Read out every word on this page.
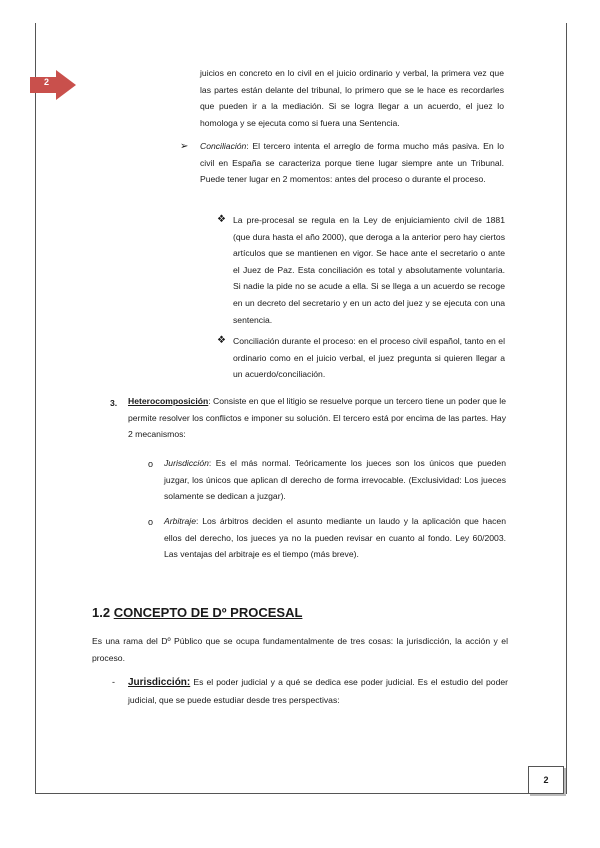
2

juicios en concreto en lo civil en el juicio ordinario y verbal, la primera vez que las partes están delante del tribunal, lo primero que se le hace es recordarles que pueden ir a la mediación. Si se logra llegar a un acuerdo, el juez lo homologa y se ejecuta como si fuera una Sentencia.

➢ Conciliación: El tercero intenta el arreglo de forma mucho más pasiva. En lo civil en España se caracteriza porque tiene lugar siempre ante un Tribunal. Puede tener lugar en 2 momentos: antes del proceso o durante el proceso.

❖ La pre-procesal se regula en la Ley de enjuiciamiento civil de 1881 (que dura hasta el año 2000), que deroga a la anterior pero hay ciertos artículos que se mantienen en vigor. Se hace ante el secretario o ante el Juez de Paz. Esta conciliación es total y absolutamente voluntaria. Si nadie la pide no se acude a ella. Si se llega a un acuerdo se recoge en un decreto del secretario y en un acto del juez y se ejecuta con una sentencia.

❖ Conciliación durante el proceso: en el proceso civil español, tanto en el ordinario como en el juicio verbal, el juez pregunta si quieren llegar a un acuerdo/conciliación.

3. Heterocomposición: Consiste en que el litigio se resuelve porque un tercero tiene un poder que le permite resolver los conflictos e imponer su solución. El tercero está por encima de las partes. Hay 2 mecanismos:

o Jurisdicción: Es el más normal. Teóricamente los jueces son los únicos que pueden juzgar, los únicos que aplican dl derecho de forma irrevocable. (Exclusividad: Los jueces solamente se dedican a juzgar).

o Arbitraje: Los árbitros deciden el asunto mediante un laudo y la aplicación que hacen ellos del derecho, los jueces ya no la pueden revisar en cuanto al fondo. Ley 60/2003. Las ventajas del arbitraje es el tiempo (más breve).

1.2 CONCEPTO DE Dº PROCESAL

Es una rama del Dº Público que se ocupa fundamentalmente de tres cosas: la jurisdicción, la acción y el proceso.

- Jurisdicción: Es el poder judicial y a qué se dedica ese poder judicial. Es el estudio del poder judicial, que se puede estudiar desde tres perspectivas:

2
